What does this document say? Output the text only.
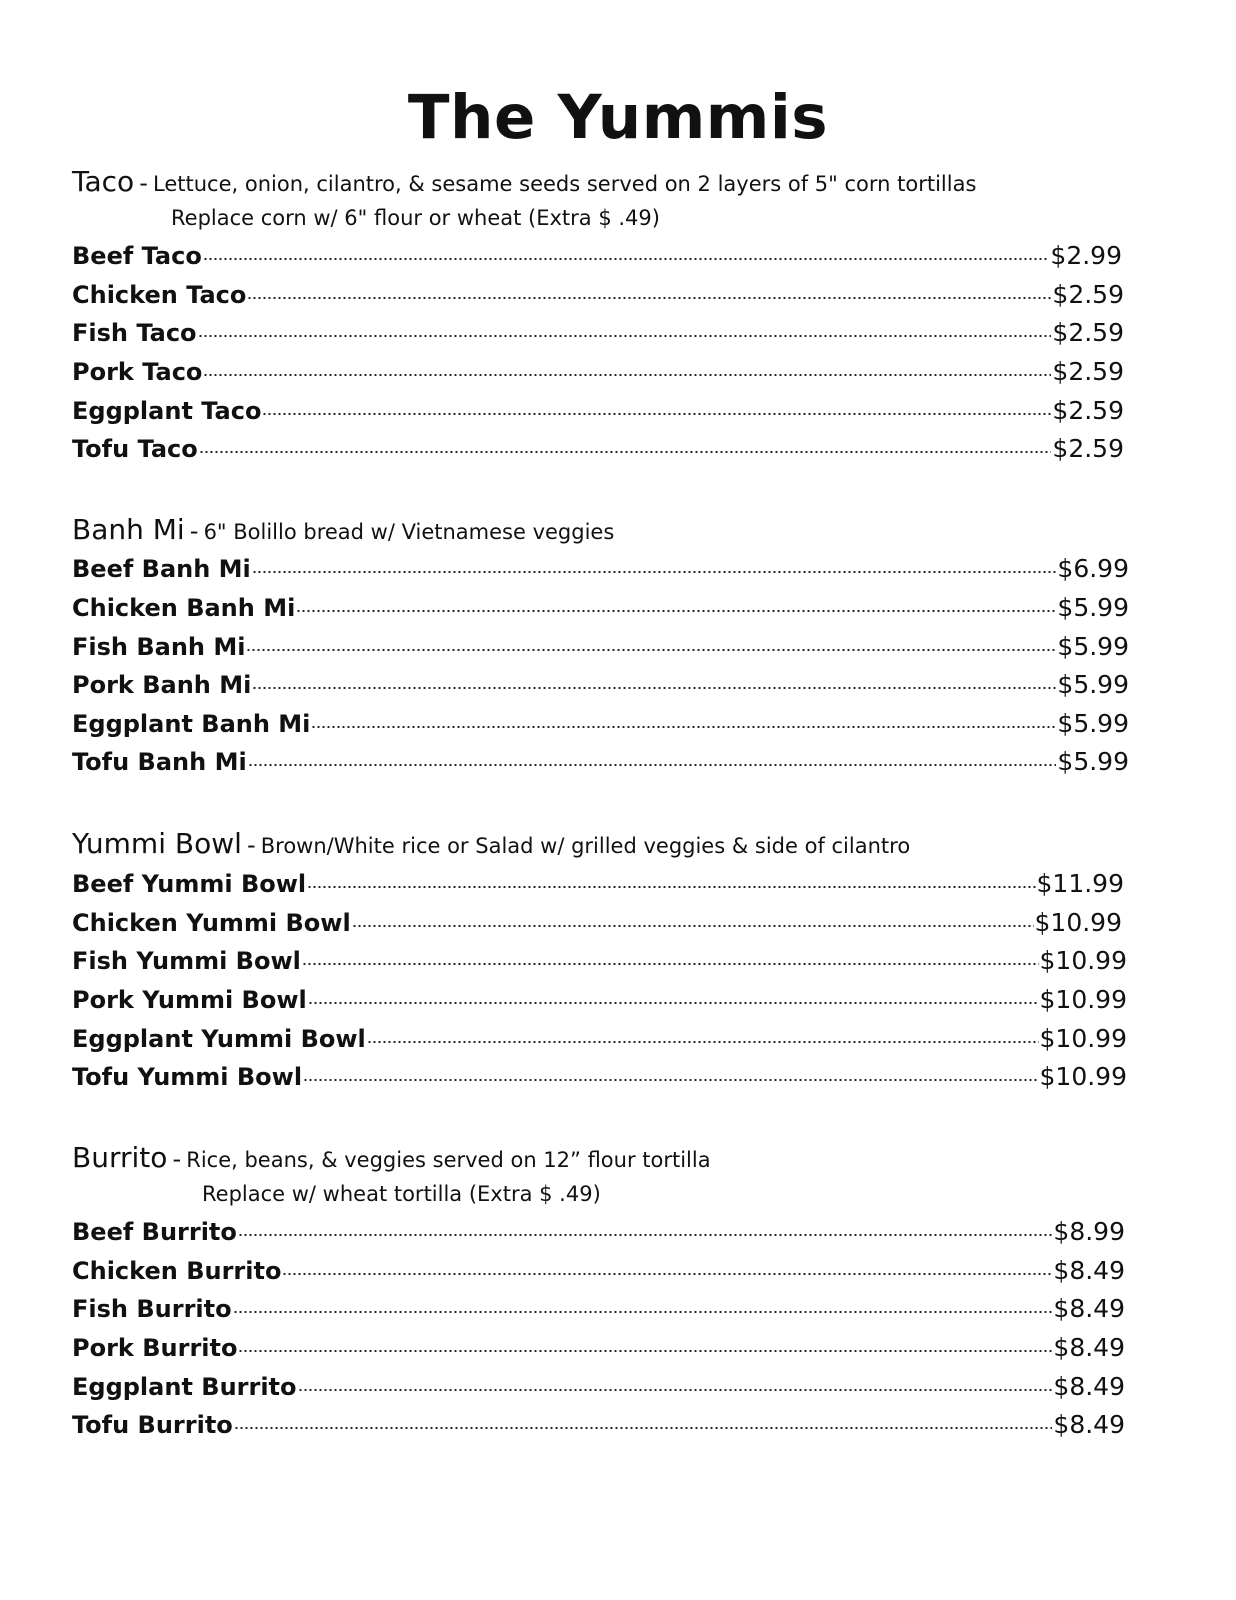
The Yummis
Taco - Lettuce, onion, cilantro, & sesame seeds served on 2 layers of 5" corn tortillas
Replace corn w/ 6" flour or wheat (Extra $ .49)
Beef Taco	$2.99
Chicken Taco	$2.59
Fish Taco	$2.59
Pork Taco	$2.59
Eggplant Taco	$2.59
Tofu Taco	$2.59
Banh Mi - 6" Bolillo bread w/ Vietnamese veggies
Beef Banh Mi	$6.99
Chicken Banh Mi	$5.99
Fish Banh Mi	$5.99
Pork Banh Mi	$5.99
Eggplant Banh Mi	$5.99
Tofu Banh Mi	$5.99
Yummi Bowl - Brown/White rice or Salad w/ grilled veggies & side of cilantro
Beef Yummi Bowl	$11.99
Chicken Yummi Bowl	$10.99
Fish Yummi Bowl	$10.99
Pork Yummi Bowl	$10.99
Eggplant Yummi Bowl	$10.99
Tofu Yummi Bowl	$10.99
Burrito - Rice, beans, & veggies served on 12” flour tortilla
Replace w/ wheat tortilla (Extra $ .49)
Beef Burrito	$8.99
Chicken Burrito	$8.49
Fish Burrito	$8.49
Pork Burrito	$8.49
Eggplant Burrito	$8.49
Tofu Burrito	$8.49
